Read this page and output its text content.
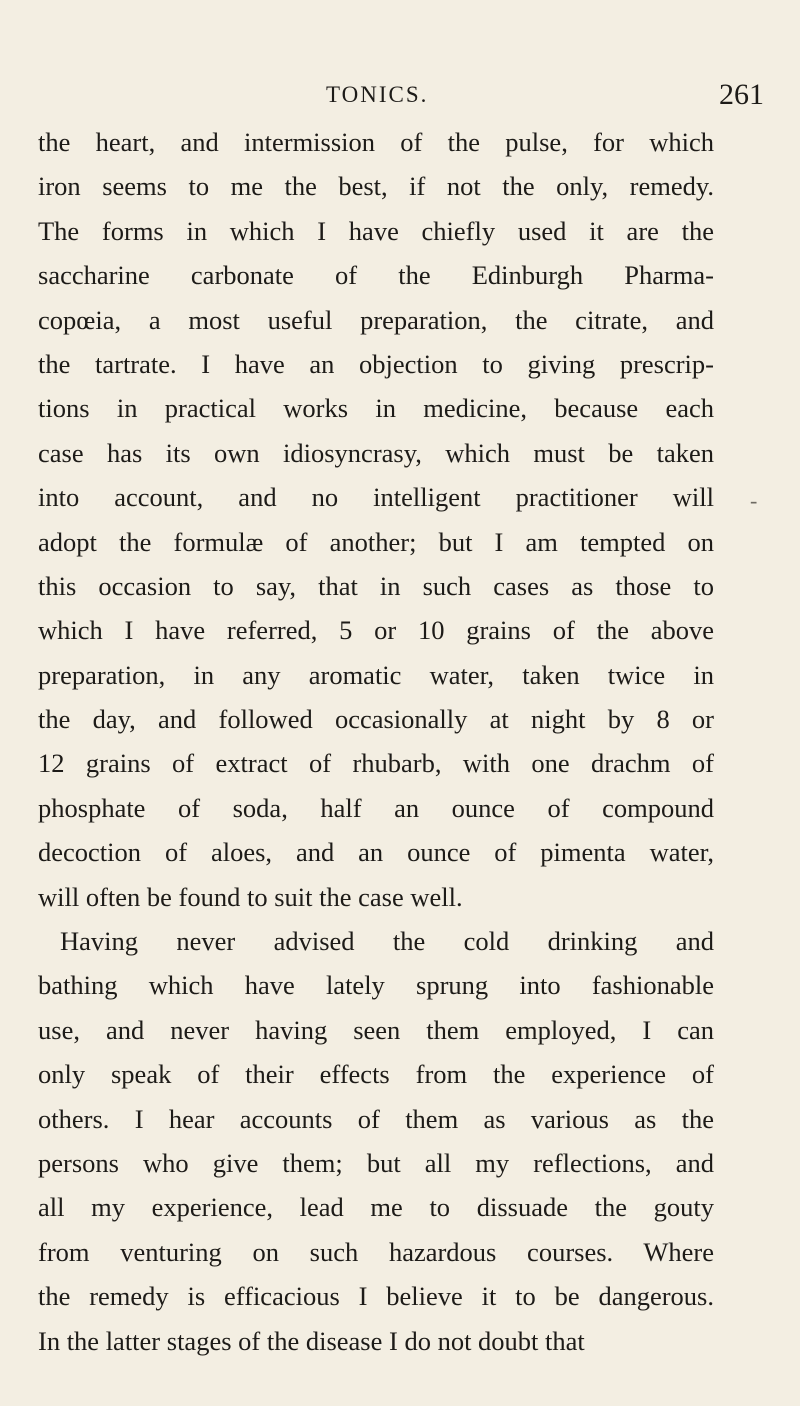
TONICS.	261
-
the heart, and intermission of the pulse, for which
iron seems to me the best, if not the only, remedy.
The forms in which I have chiefly used it are the
saccharine carbonate of the Edinburgh Pharma-
copœia, a most useful preparation, the citrate, and
the tartrate. I have an objection to giving prescrip-
tions in practical works in medicine, because each
case has its own idiosyncrasy, which must be taken
into account, and no intelligent practitioner will
adopt the formulæ of another; but I am tempted on
this occasion to say, that in such cases as those to
which I have referred, 5 or 10 grains of the above
preparation, in any aromatic water, taken twice in
the day, and followed occasionally at night by 8 or
12 grains of extract of rhubarb, with one drachm of
phosphate of soda, half an ounce of compound
decoction of aloes, and an ounce of pimenta water,
will often be found to suit the case well.
Having never advised the cold drinking and
bathing which have lately sprung into fashionable
use, and never having seen them employed, I can
only speak of their effects from the experience of
others. I hear accounts of them as various as the
persons who give them; but all my reflections, and
all my experience, lead me to dissuade the gouty
from venturing on such hazardous courses. Where
the remedy is efficacious I believe it to be dangerous.
In the latter stages of the disease I do not doubt that
